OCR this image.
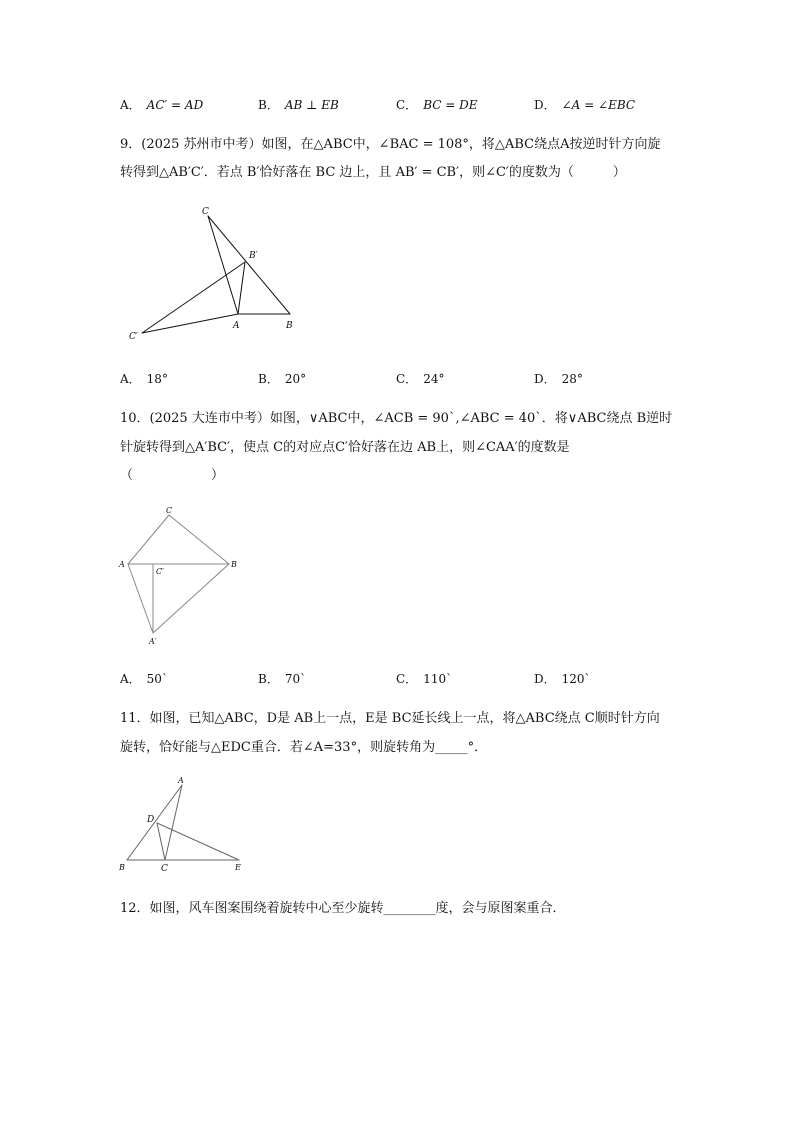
A． AC′ = AD	B． AB ⊥ EB	C． BC = DE	D． ∠A = ∠EBC
9．(2025 苏州市中考）如图，在△ABC中，∠BAC = 108°，将△ABC绕点A按逆时针方向旋
转得到△AB′C′．若点 B′恰好落在 BC 边上，且 AB′ = CB′，则∠C′的度数为（　　　）
C
B′
C′
A	B
A． 18°	B． 20°	C． 24°	D． 28°
10．(2025 大连市中考）如图，∨ABC中，∠ACB = 90`,∠ABC = 40`．将∨ABC绕点 B逆时
针旋转得到△A′BC′，使点 C的对应点C′恰好落在边 AB上，则∠CAA′的度数是
（　　　　　　）
C
A
C′
B
A′
A． 50`	B． 70`	C． 110`	D． 120`
11．如图，已知△ABC，D是 AB上一点，E是 BC延长线上一点，将△ABC绕点 C顺时针方向
旋转，恰好能与△EDC重合．若∠A=33°，则旋转角为_____°．
A
D
B	C	E
12．如图，风车图案围绕着旋转中心至少旋转________度，会与原图案重合．
